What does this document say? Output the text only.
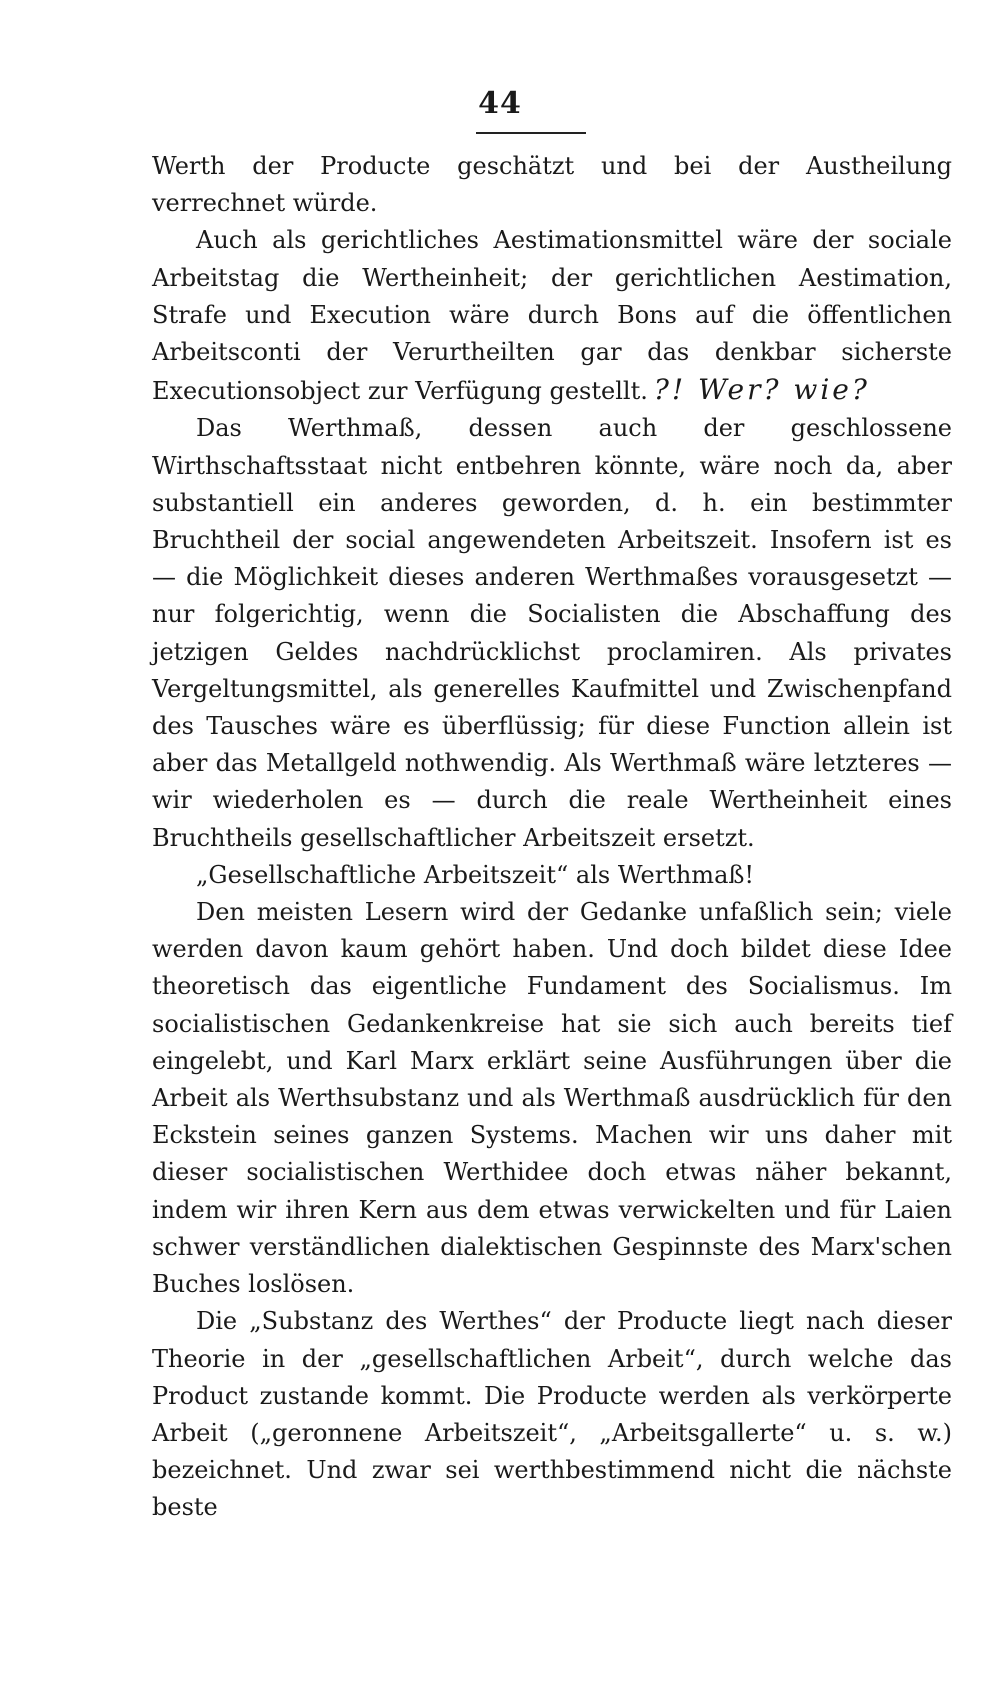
44

Werth der Producte geschätzt und bei der Austheilung verrechnet würde.

Auch als gerichtliches Aestimationsmittel wäre der sociale Arbeitstag die Wertheinheit; der gerichtlichen Aestimation, Strafe und Execution wäre durch Bons auf die öffentlichen Arbeitsconti der Verurtheilten gar das denkbar sicherste Executionsobject zur Verfügung gestellt. ?! Wer? wie?

Das Werthmaß, dessen auch der geschlossene Wirthschaftsstaat nicht entbehren könnte, wäre noch da, aber substantiell ein anderes geworden, d. h. ein bestimmter Bruchtheil der social angewendeten Arbeitszeit. Insofern ist es — die Möglichkeit dieses anderen Werthmaßes vorausgesetzt — nur folgerichtig, wenn die Socialisten die Abschaffung des jetzigen Geldes nachdrücklichst proclamiren. Als privates Vergeltungsmittel, als generelles Kaufmittel und Zwischenpfand des Tausches wäre es überflüssig; für diese Function allein ist aber das Metallgeld nothwendig. Als Werthmaß wäre letzteres — wir wiederholen es — durch die reale Wertheinheit eines Bruchtheils gesellschaftlicher Arbeitszeit ersetzt.

„Gesellschaftliche Arbeitszeit“ als Werthmaß!

Den meisten Lesern wird der Gedanke unfaßlich sein; viele werden davon kaum gehört haben. Und doch bildet diese Idee theoretisch das eigentliche Fundament des Socialismus. Im socialistischen Gedankenkreise hat sie sich auch bereits tief eingelebt, und Karl Marx erklärt seine Ausführungen über die Arbeit als Werthsubstanz und als Werthmaß ausdrücklich für den Eckstein seines ganzen Systems. Machen wir uns daher mit dieser socialistischen Werthidee doch etwas näher bekannt, indem wir ihren Kern aus dem etwas verwickelten und für Laien schwer verständlichen dialektischen Gespinnste des Marx'schen Buches loslösen.

Die „Substanz des Werthes“ der Producte liegt nach dieser Theorie in der „gesellschaftlichen Arbeit“, durch welche das Product zustande kommt. Die Producte werden als verkörperte Arbeit („geronnene Arbeitszeit“, „Arbeitsgallerte“ u. s. w.) bezeichnet. Und zwar sei werthbestimmend nicht die nächste beste
